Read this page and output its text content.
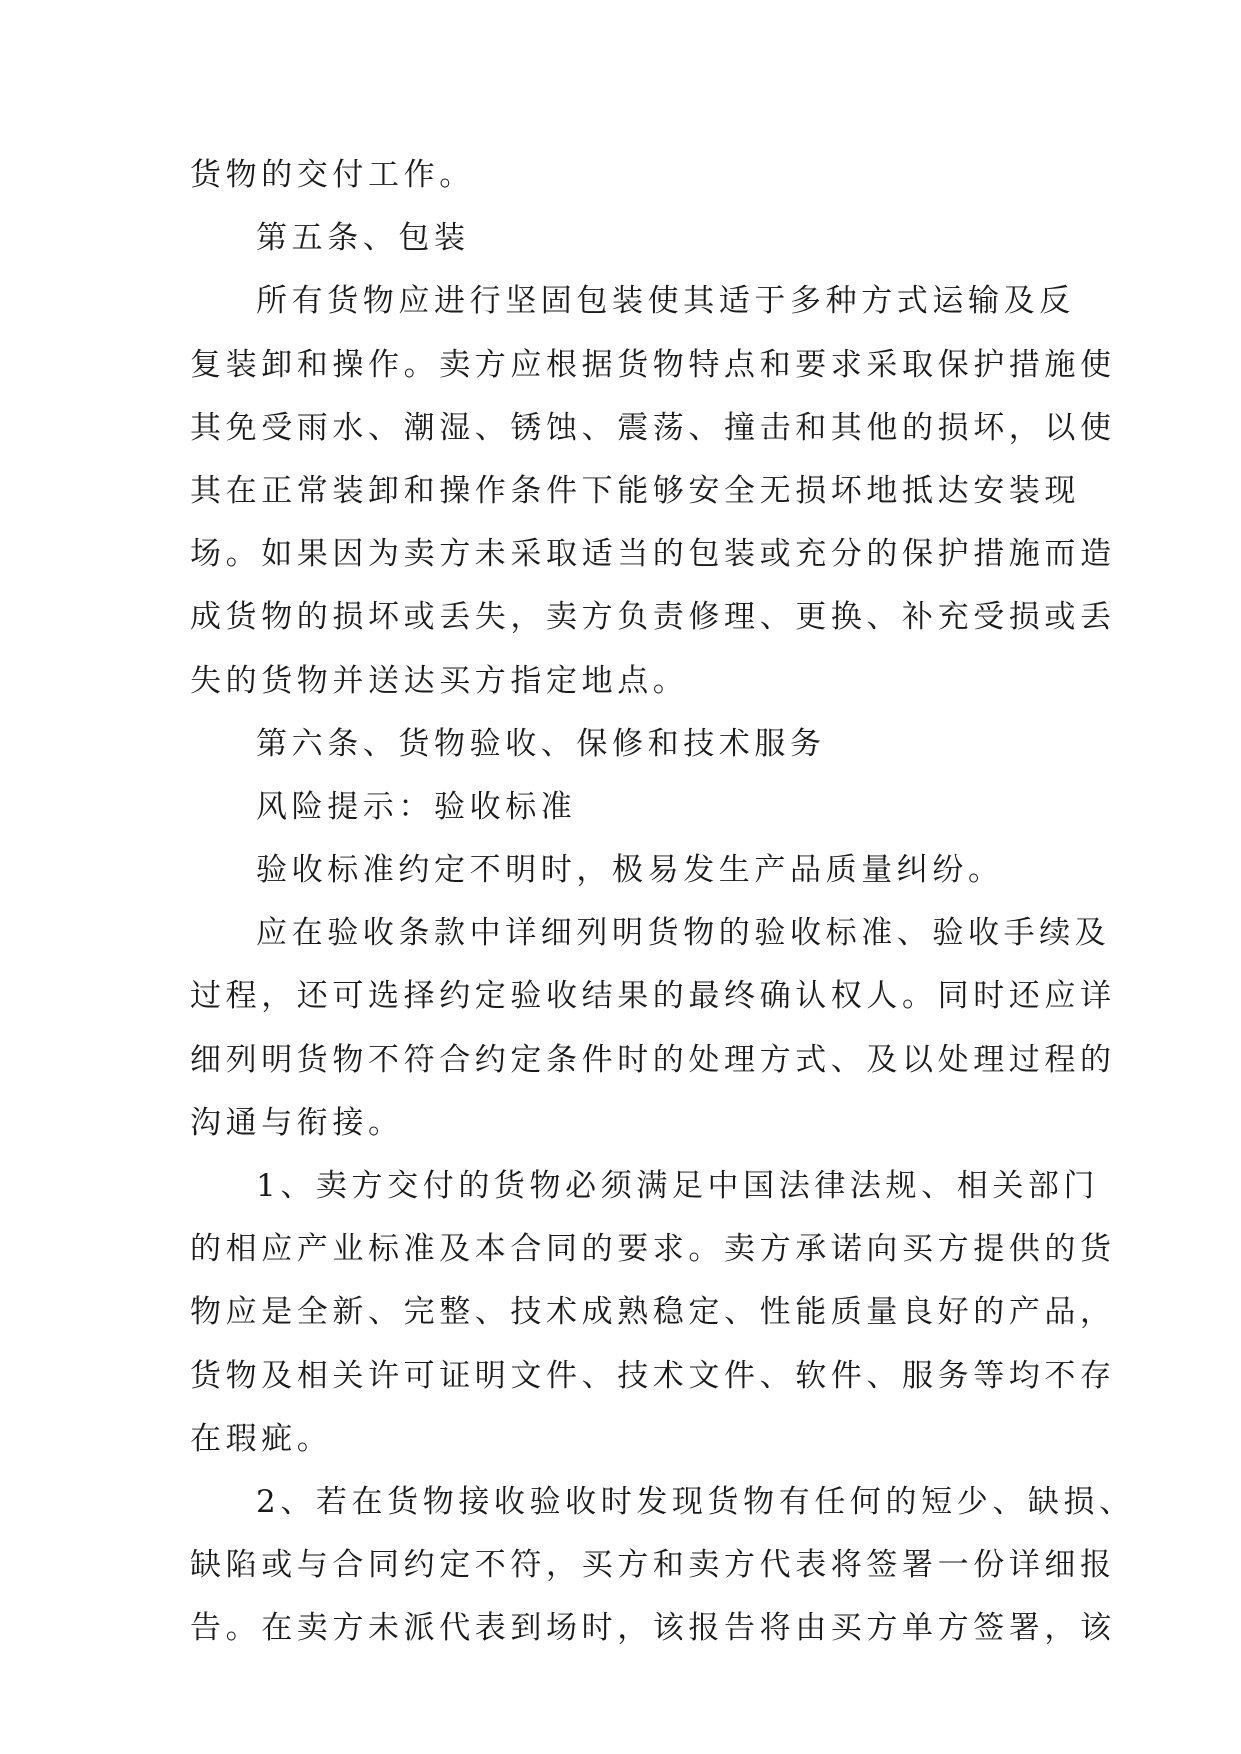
货物的交付工作。
第五条、包装
所有货物应进行坚固包装使其适于多种方式运输及反
复装卸和操作。卖方应根据货物特点和要求采取保护措施使
其免受雨水、潮湿、锈蚀、震荡、撞击和其他的损坏，以使
其在正常装卸和操作条件下能够安全无损坏地抵达安装现
场。如果因为卖方未采取适当的包装或充分的保护措施而造
成货物的损坏或丢失，卖方负责修理、更换、补充受损或丢
失的货物并送达买方指定地点。
第六条、货物验收、保修和技术服务
风险提示：验收标准
验收标准约定不明时，极易发生产品质量纠纷。
应在验收条款中详细列明货物的验收标准、验收手续及
过程，还可选择约定验收结果的最终确认权人。同时还应详
细列明货物不符合约定条件时的处理方式、及以处理过程的
沟通与衔接。
1、卖方交付的货物必须满足中国法律法规、相关部门
的相应产业标准及本合同的要求。卖方承诺向买方提供的货
物应是全新、完整、技术成熟稳定、性能质量良好的产品，
货物及相关许可证明文件、技术文件、软件、服务等均不存
在瑕疵。
2、若在货物接收验收时发现货物有任何的短少、缺损、
缺陷或与合同约定不符，买方和卖方代表将签署一份详细报
告。在卖方未派代表到场时，该报告将由买方单方签署，该
